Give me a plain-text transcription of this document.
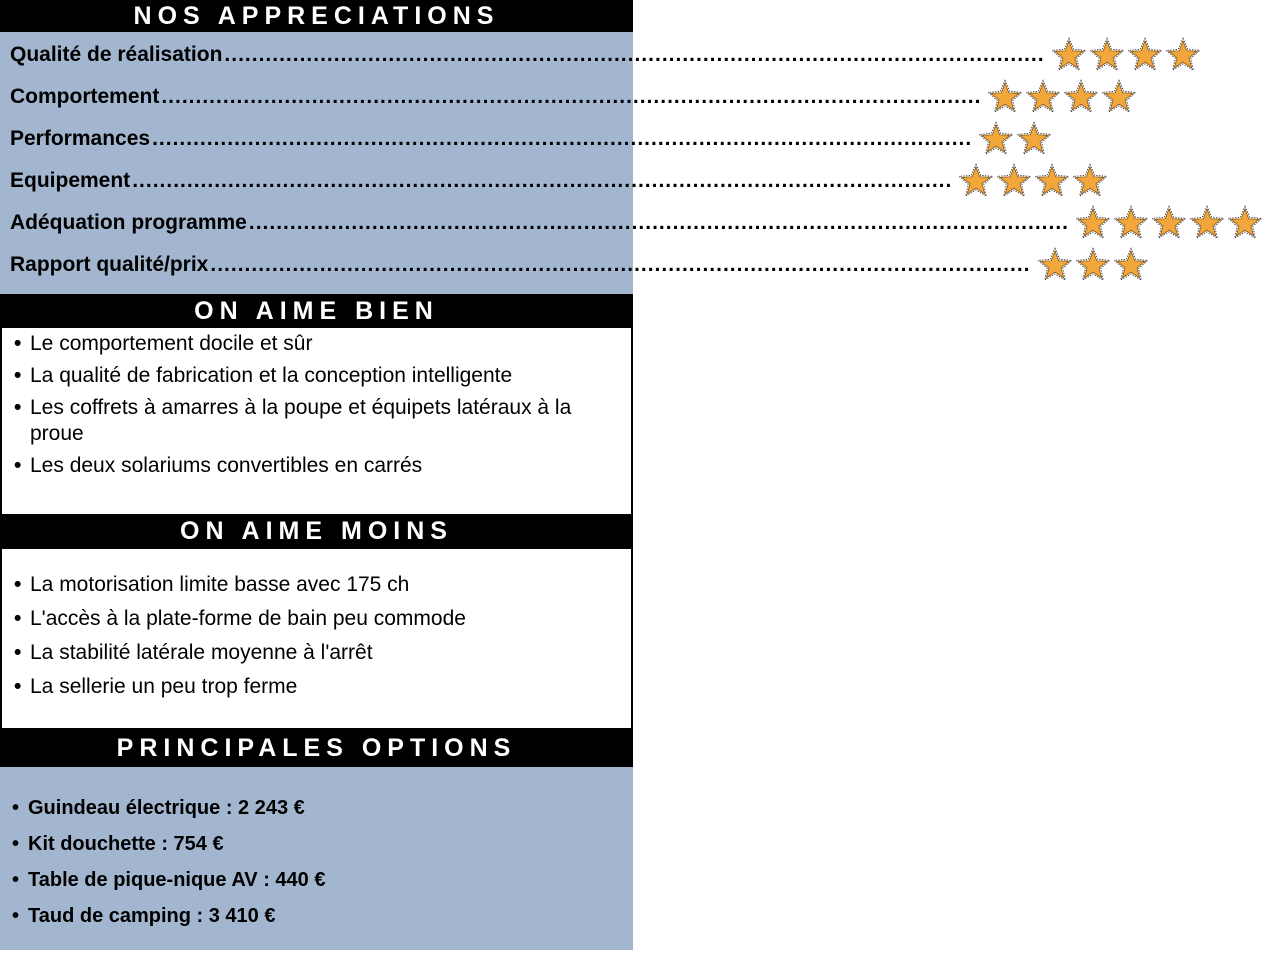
NOS APPRECIATIONS
Qualité de réalisation ........................................................................................................................
Comportement ........................................................................................................................
Performances ........................................................................................................................
Equipement ........................................................................................................................
Adéquation programme ........................................................................................................................
Rapport qualité/prix ........................................................................................................................
ON AIME BIEN
• Le comportement docile et sûr
• La qualité de fabrication et la conception intelligente
• Les coffrets à amarres à la poupe et équipets latéraux à la proue
• Les deux solariums convertibles en carrés
ON AIME MOINS
• La motorisation limite basse avec 175 ch
• L'accès à la plate-forme de bain peu commode
• La stabilité latérale moyenne à l'arrêt
• La sellerie un peu trop ferme
PRINCIPALES OPTIONS
• Guindeau électrique : 2 243 €
• Kit douchette : 754 €
• Table de pique-nique AV : 440 €
• Taud de camping : 3 410 €
